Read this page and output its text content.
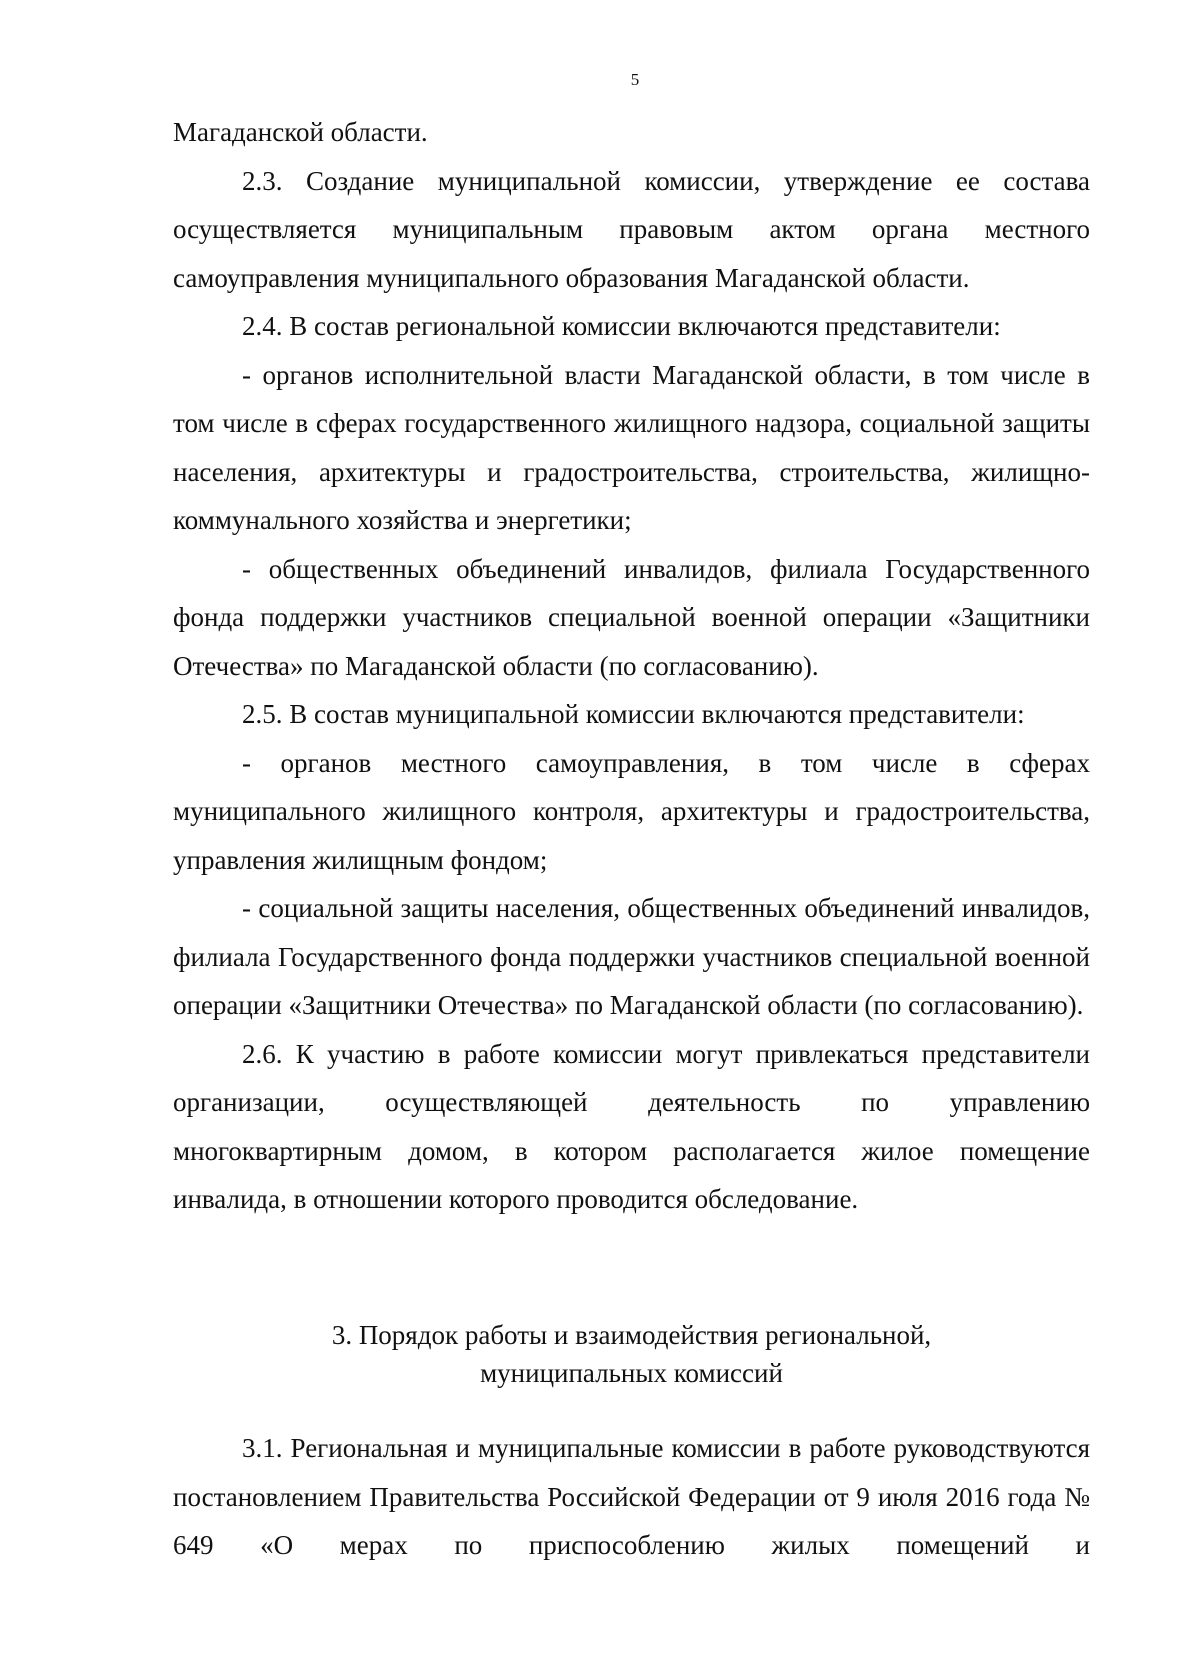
5

Магаданской области.

2.3. Создание муниципальной комиссии, утверждение ее состава осуществляется муниципальным правовым актом органа местного самоуправления муниципального образования Магаданской области.

2.4. В состав региональной комиссии включаются представители:

- органов исполнительной власти Магаданской области, в том числе в том числе в сферах государственного жилищного надзора, социальной защиты населения, архитектуры и градостроительства, строительства, жилищно-коммунального хозяйства и энергетики;

- общественных объединений инвалидов, филиала Государственного фонда поддержки участников специальной военной операции «Защитники Отечества» по Магаданской области (по согласованию).

2.5. В состав муниципальной комиссии включаются представители:

- органов местного самоуправления, в том числе в сферах муниципального жилищного контроля, архитектуры и градостроительства, управления жилищным фондом;

- социальной защиты населения, общественных объединений инвалидов, филиала Государственного фонда поддержки участников специальной военной операции «Защитники Отечества» по Магаданской области (по согласованию).

2.6. К участию в работе комиссии могут привлекаться представители организации, осуществляющей деятельность по управлению многоквартирным домом, в котором располагается жилое помещение инвалида, в отношении которого проводится обследование.

3. Порядок работы и взаимодействия региональной,
муниципальных комиссий

3.1. Региональная и муниципальные комиссии в работе руководствуются постановлением Правительства Российской Федерации от 9 июля 2016 года № 649 «О мерах по приспособлению жилых помещений и
